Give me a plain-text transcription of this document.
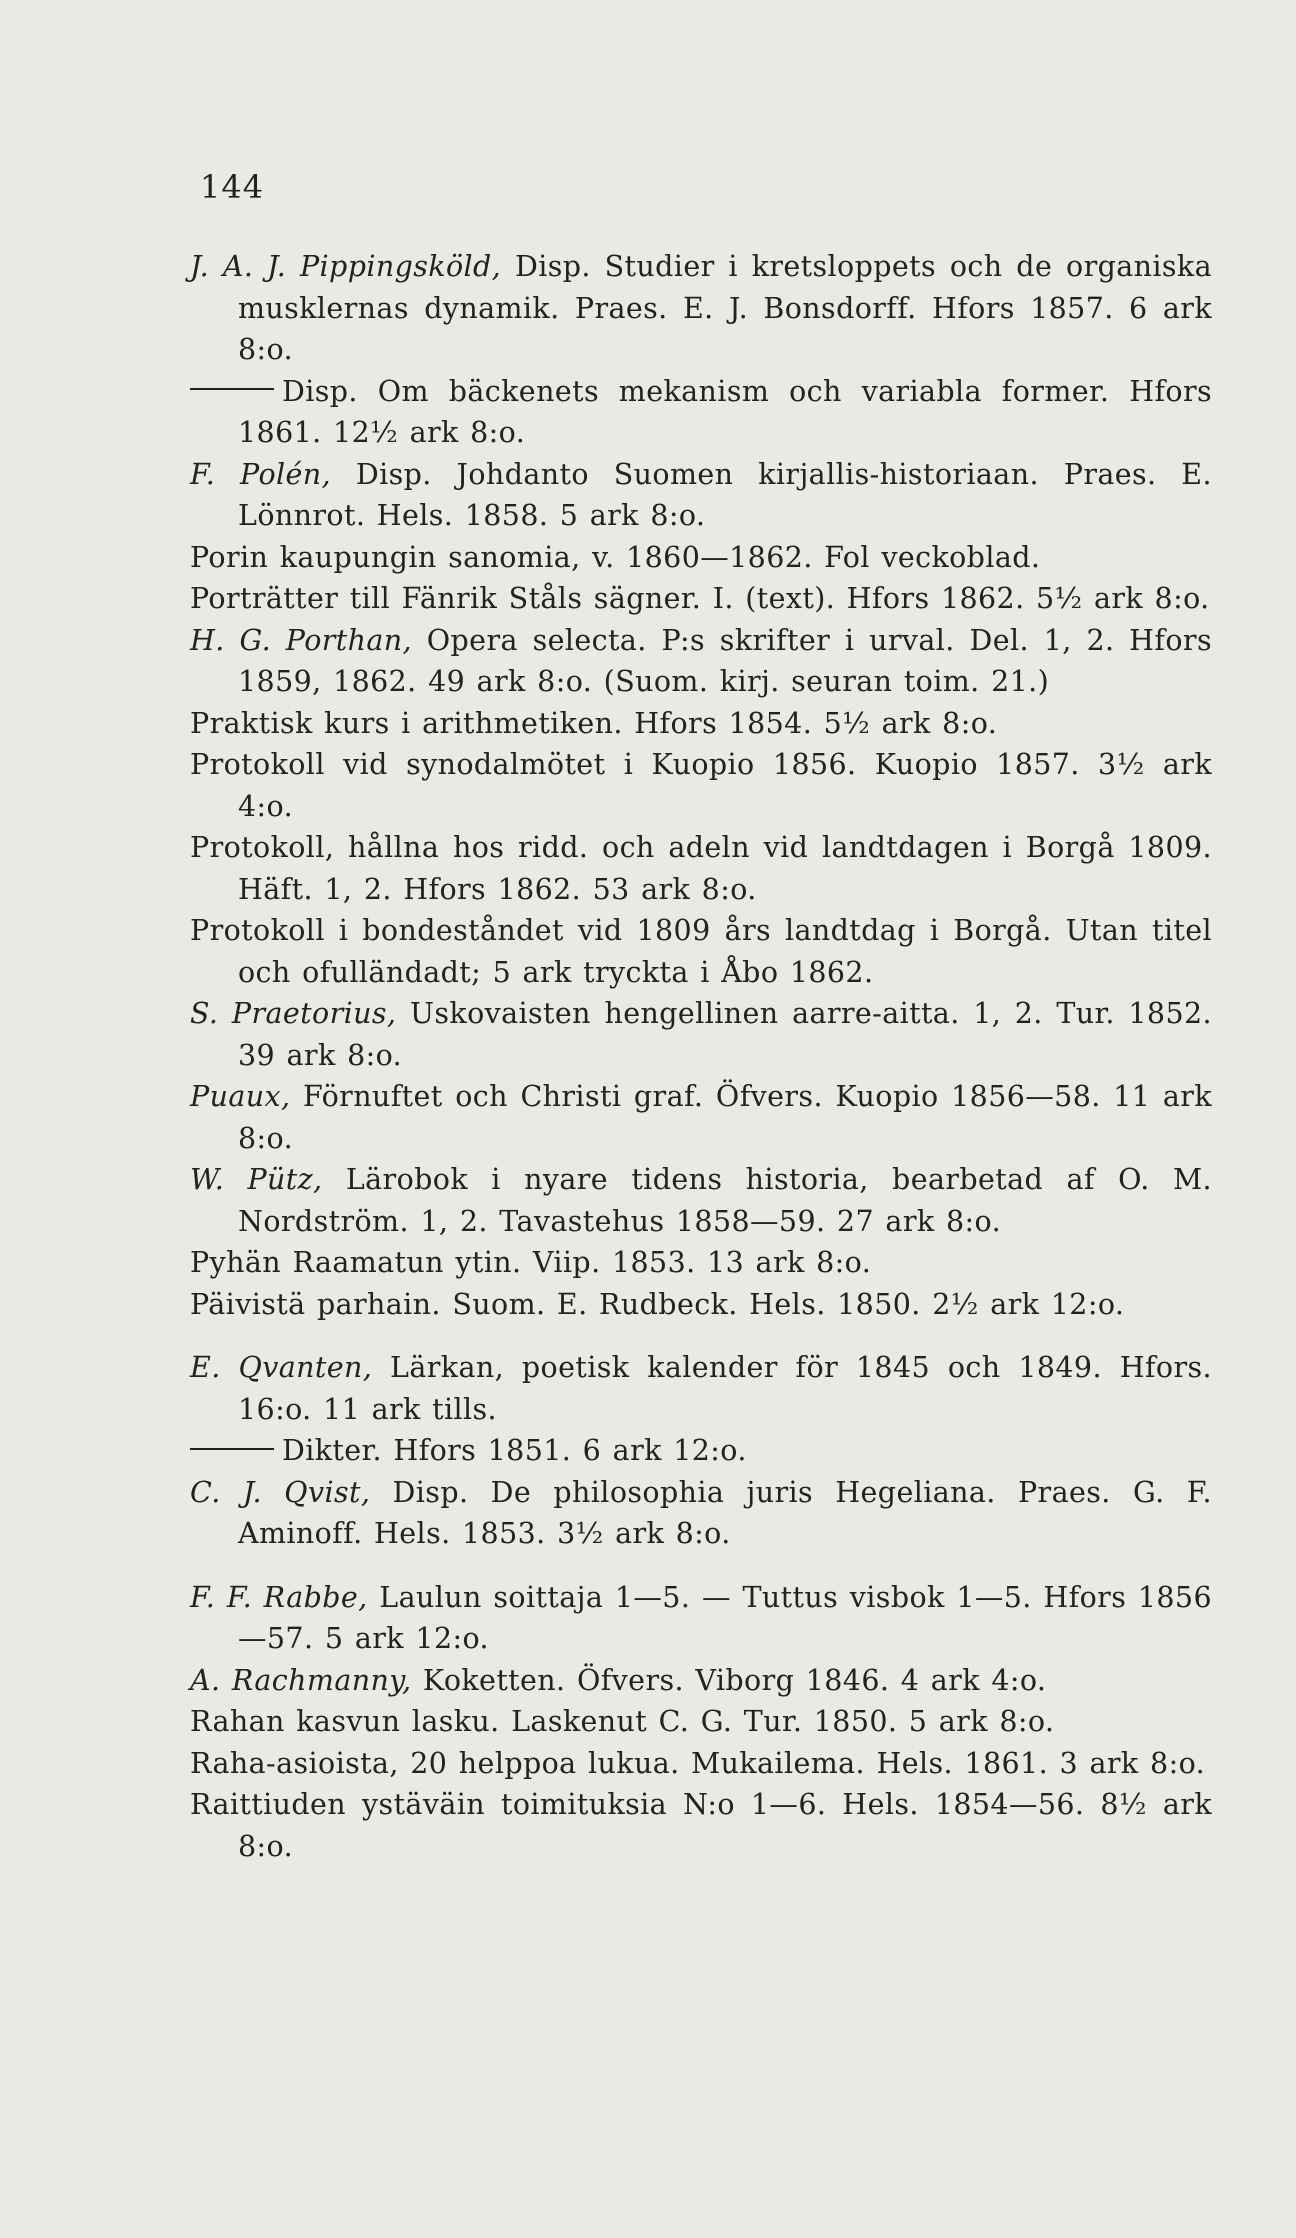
144
J. A. J. Pippingsköld, Disp. Studier i kretsloppets och de organiska musklernas dynamik. Praes. E. J. Bonsdorff. Hfors 1857. 6 ark 8:o.
Disp. Om bäckenets mekanism och variabla former. Hfors 1861. 12½ ark 8:o.
F. Polén, Disp. Johdanto Suomen kirjallis-historiaan. Praes. E. Lönnrot. Hels. 1858. 5 ark 8:o.
Porin kaupungin sanomia, v. 1860—1862. Fol veckoblad.
Porträtter till Fänrik Ståls sägner. I. (text). Hfors 1862. 5½ ark 8:o.
H. G. Porthan, Opera selecta. P:s skrifter i urval. Del. 1, 2. Hfors 1859, 1862. 49 ark 8:o. (Suom. kirj. seuran toim. 21.)
Praktisk kurs i arithmetiken. Hfors 1854. 5½ ark 8:o.
Protokoll vid synodalmötet i Kuopio 1856. Kuopio 1857. 3½ ark 4:o.
Protokoll, hållna hos ridd. och adeln vid landtdagen i Borgå 1809. Häft. 1, 2. Hfors 1862. 53 ark 8:o.
Protokoll i bondeståndet vid 1809 års landtdag i Borgå. Utan titel och ofulländadt; 5 ark tryckta i Åbo 1862.
S. Praetorius, Uskovaisten hengellinen aarre-aitta. 1, 2. Tur. 1852. 39 ark 8:o.
Puaux, Förnuftet och Christi graf. Öfvers. Kuopio 1856—58. 11 ark 8:o.
W. Pütz, Lärobok i nyare tidens historia, bearbetad af O. M. Nordström. 1, 2. Tavastehus 1858—59. 27 ark 8:o.
Pyhän Raamatun ytin. Viip. 1853. 13 ark 8:o.
Päivistä parhain. Suom. E. Rudbeck. Hels. 1850. 2½ ark 12:o.
E. Qvanten, Lärkan, poetisk kalender för 1845 och 1849. Hfors. 16:o. 11 ark tills.
Dikter. Hfors 1851. 6 ark 12:o.
C. J. Qvist, Disp. De philosophia juris Hegeliana. Praes. G. F. Aminoff. Hels. 1853. 3½ ark 8:o.
F. F. Rabbe, Laulun soittaja 1—5. — Tuttus visbok 1—5. Hfors 1856—57. 5 ark 12:o.
A. Rachmanny, Koketten. Öfvers. Viborg 1846. 4 ark 4:o.
Rahan kasvun lasku. Laskenut C. G. Tur. 1850. 5 ark 8:o.
Raha-asioista, 20 helppoa lukua. Mukailema. Hels. 1861. 3 ark 8:o.
Raittiuden ystäväin toimituksia N:o 1—6. Hels. 1854—56. 8½ ark 8:o.
